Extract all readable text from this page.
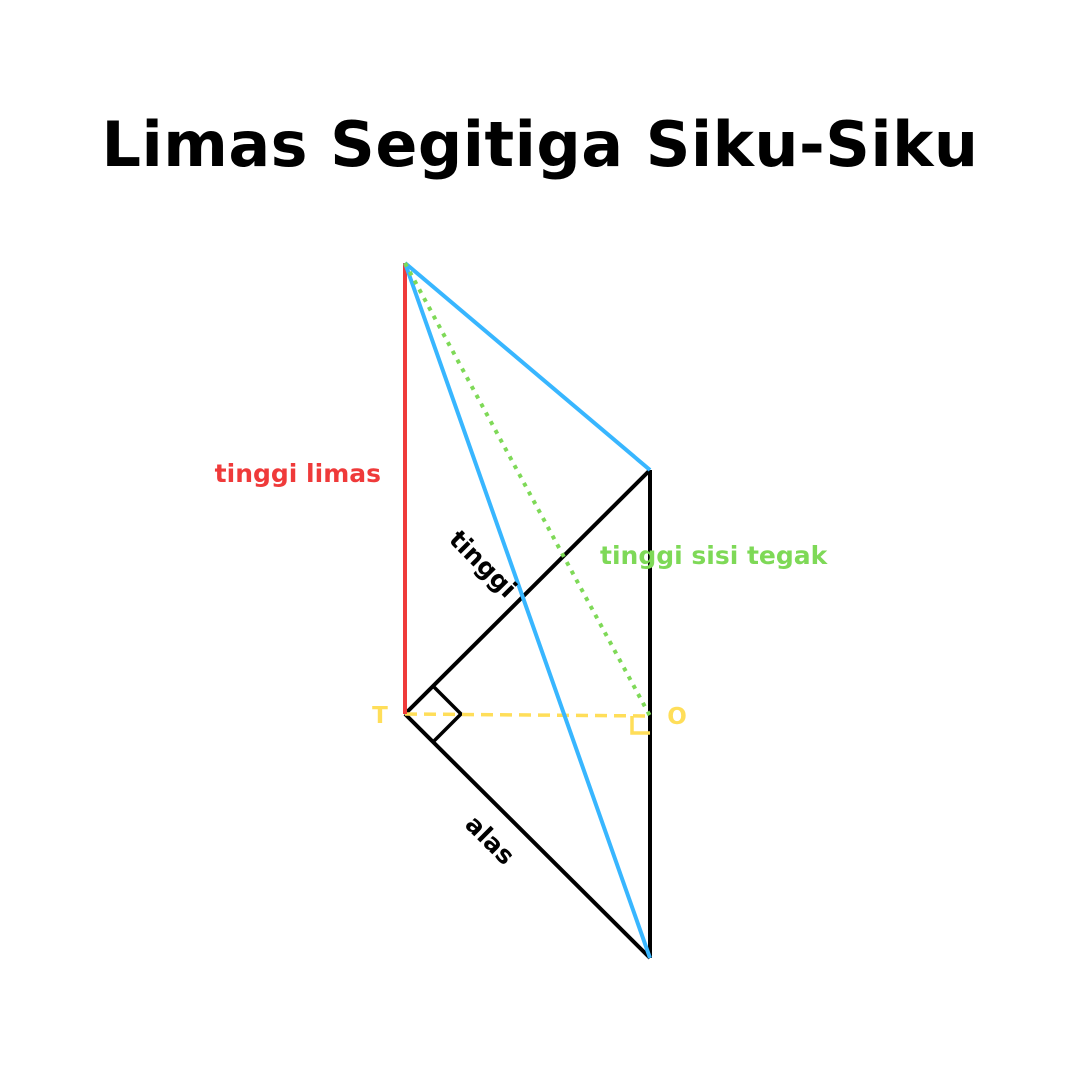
Limas Segitiga Siku-Siku
tinggi limas
tinggi sisi tegak
tinggi
alas
T	O
